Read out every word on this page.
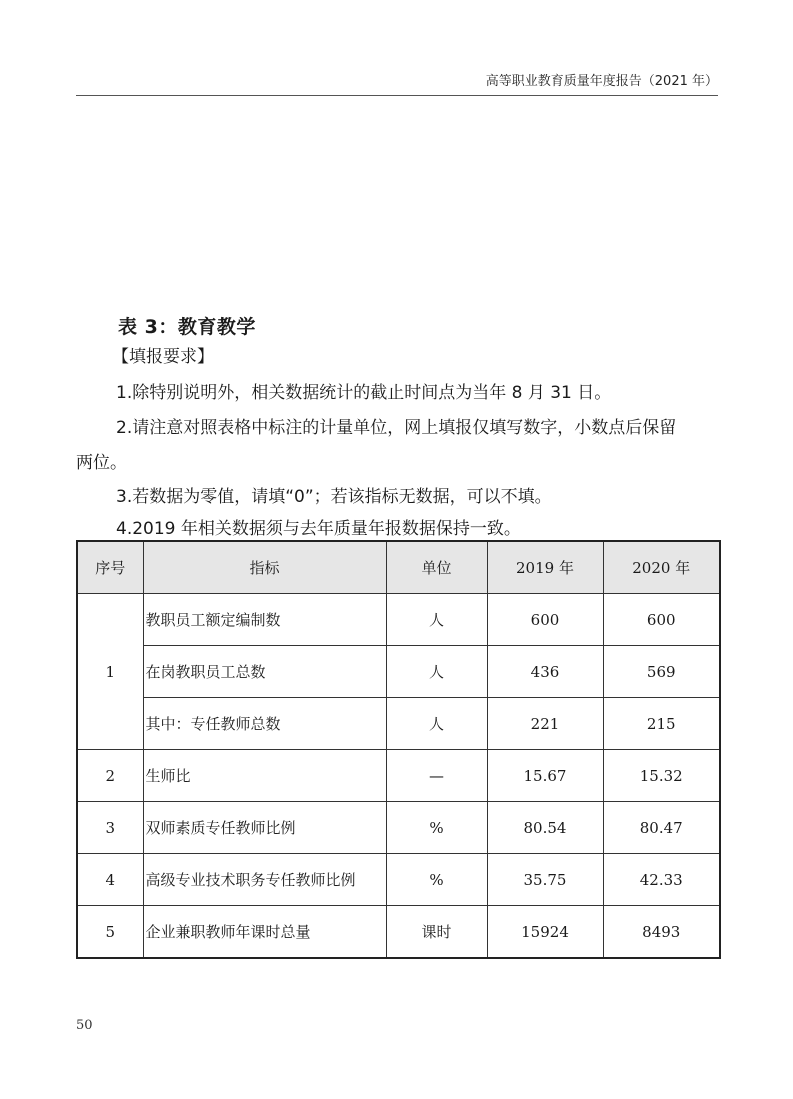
高等职业教育质量年度报告（2021 年）
表 3：教育教学
【填报要求】
1.除特别说明外，相关数据统计的截止时间点为当年 8 月 31 日。
2.请注意对照表格中标注的计量单位，网上填报仅填写数字，小数点后保留
两位。
3.若数据为零值，请填“0”；若该指标无数据，可以不填。
4.2019 年相关数据须与去年质量年报数据保持一致。
序号	指标	单位	2019 年	2020 年
1	教职员工额定编制数	人	600	600
	在岗教职员工总数	人	436	569
	其中：专任教师总数	人	221	215
2	生师比	—	15.67	15.32
3	双师素质专任教师比例	%	80.54	80.47
4	高级专业技术职务专任教师比例	%	35.75	42.33
5	企业兼职教师年课时总量	课时	15924	8493
50
